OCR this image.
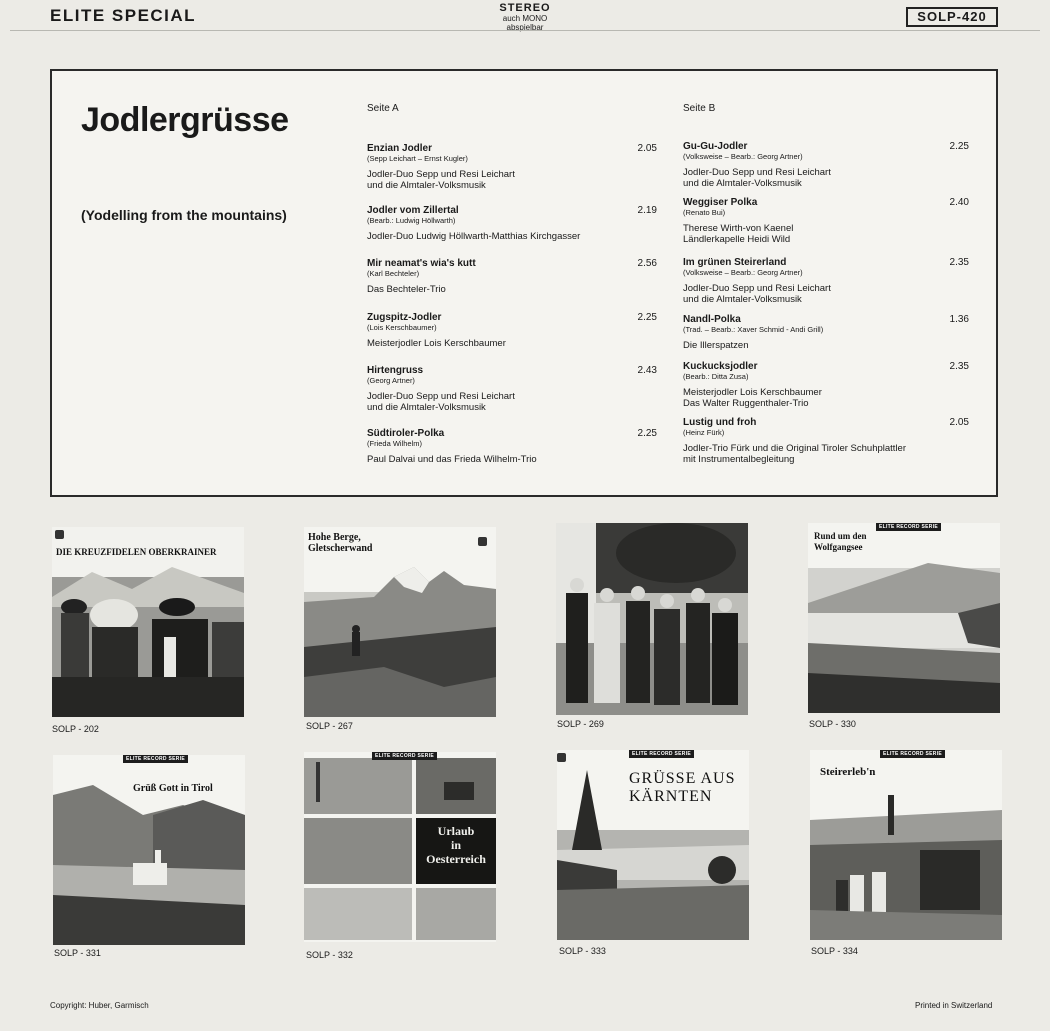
ELITE SPECIAL	STEREO
auch MONO abspielbar
SOLP-420
Jodlergrüsse
(Yodelling from the mountains)
Seite A	Seite B
Enzian Jodler
(Sepp Leichart – Ernst Kugler)
Jodler-Duo Sepp und Resi Leichart
und die Almtaler-Volksmusik
2.05
Jodler vom Zillertal
(Bearb.: Ludwig Höllwarth)
Jodler-Duo Ludwig Höllwarth-Matthias Kirchgasser
2.19
Mir neamat's wia's kutt
(Karl Bechteler)
Das Bechteler-Trio
2.56
Zugspitz-Jodler
(Lois Kerschbaumer)
Meisterjodler Lois Kerschbaumer
2.25
Hirtengruss
(Georg Artner)
Jodler-Duo Sepp und Resi Leichart
und die Almtaler-Volksmusik
2.43
Südtiroler-Polka
(Frieda Wilhelm)
Paul Dalvai und das Frieda Wilhelm-Trio
2.25
Gu-Gu-Jodler
(Volksweise – Bearb.: Georg Artner)
Jodler-Duo Sepp und Resi Leichart
und die Almtaler-Volksmusik
2.25
Weggiser Polka
(Renato Bui)
Therese Wirth-von Kaenel
Ländlerkapelle Heidi Wild
2.40
Im grünen Steirerland
(Volksweise – Bearb.: Georg Artner)
Jodler-Duo Sepp und Resi Leichart
und die Almtaler-Volksmusik
2.35
Nandl-Polka
(Trad. – Bearb.: Xaver Schmid - Andi Grill)
Die Illerspatzen
1.36
Kuckucksjodler
(Bearb.: Ditta Zusa)
Meisterjodler Lois Kerschbaumer
Das Walter Ruggenthaler-Trio
2.35
Lustig und froh
(Heinz Fürk)
Jodler-Trio Fürk und die Original Tiroler Schuhplattler
mit Instrumentalbegleitung
2.05
DIE KREUZFIDELEN OBERKRAINER
SOLP - 202
Hohe Berge,
Gletscherwand
SOLP - 267	SOLP - 269
ELITE RECORD SERIE
Rund um den
Wolfgangsee
SOLP - 330
ELITE RECORD SERIE
Grüß Gott in Tirol
SOLP - 331
ELITE RECORD SERIE
Urlaub
in
Oesterreich
SOLP - 332
ELITE RECORD SERIE
GRÜSSE AUS
KÄRNTEN
SOLP - 333
ELITE RECORD SERIE
Steirerleb'n
SOLP - 334
Copyright: Huber, Garmisch	Printed in Switzerland
